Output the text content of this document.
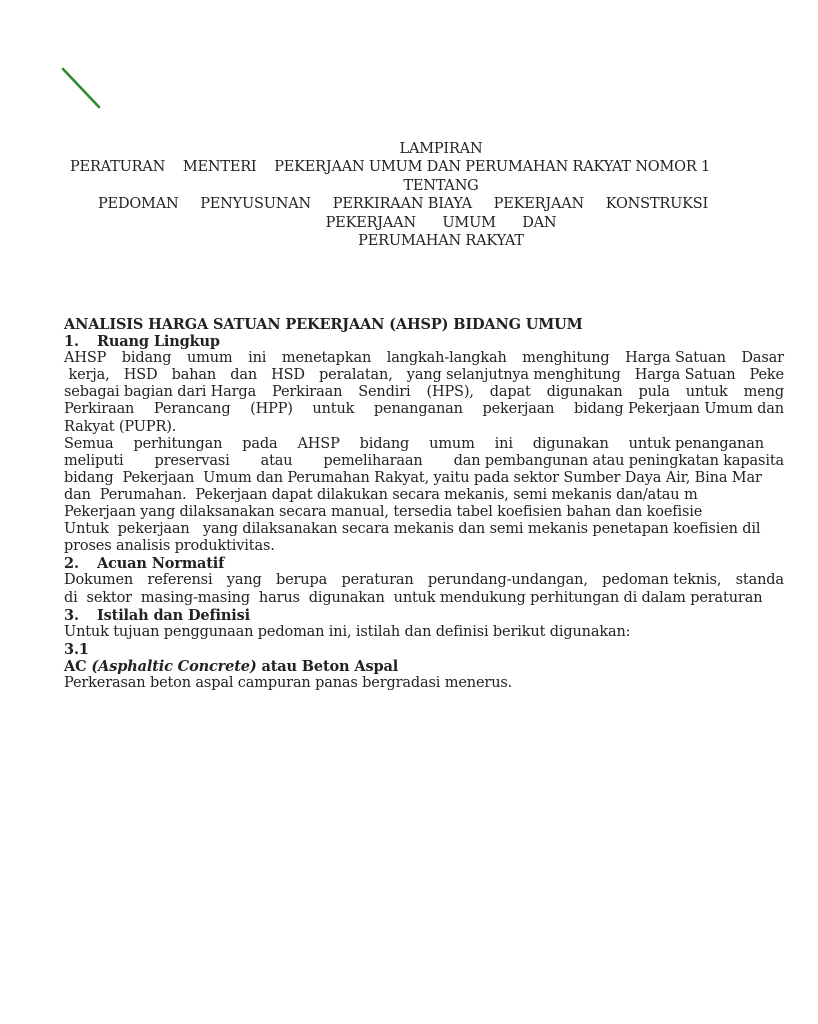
LAMPIRAN
PERATURAN MENTERI PEKERJAAN UMUM DAN PERUMAHAN RAKYAT NOMOR 1
TENTANG
PEDOMAN PENYUSUNAN PERKIRAAN BIAYA PEKERJAAN KONSTRUKSI
PEKERJAAN      UMUM      DAN
PERUMAHAN RAKYAT
ANALISIS HARGA SATUAN PEKERJAAN (AHSP) BIDANG UMUM
1.	Ruang Lingkup
AHSP bidang umum ini menetapkan langkah-langkah menghitung Harga Satuan Dasar
kerja, HSD bahan dan HSD peralatan, yang selanjutnya menghitung Harga Satuan Peke
sebagai bagian dari Harga Perkiraan Sendiri (HPS), dapat digunakan pula untuk meng
Perkiraan Perancang (HPP) untuk penanganan pekerjaan bidang Pekerjaan Umum dan
Rakyat (PUPR).
Semua perhitungan pada AHSP bidang umum ini digunakan untuk penanganan
meliputi preservasi atau pemeliharaan dan pembangunan atau peningkatan kapasita
bidang  Pekerjaan  Umum dan Perumahan Rakyat, yaitu pada sektor Sumber Daya Air, Bina Mar
dan  Perumahan.  Pekerjaan dapat dilakukan secara mekanis, semi mekanis dan/atau m
Pekerjaan yang dilaksanakan secara manual, tersedia tabel koefisien bahan dan koefisie
Untuk  pekerjaan   yang dilaksanakan secara mekanis dan semi mekanis penetapan koefisien dil
proses analisis produktivitas.
2.	Acuan Normatif
Dokumen referensi yang berupa peraturan perundang-undangan, pedoman teknis, standa
di  sektor  masing-masing  harus  digunakan  untuk mendukung perhitungan di dalam peraturan
3.	Istilah dan Definisi
Untuk tujuan penggunaan pedoman ini, istilah dan definisi berikut digunakan:
3.1
AC (Asphaltic Concrete) atau Beton Aspal
Perkerasan beton aspal campuran panas bergradasi menerus.
